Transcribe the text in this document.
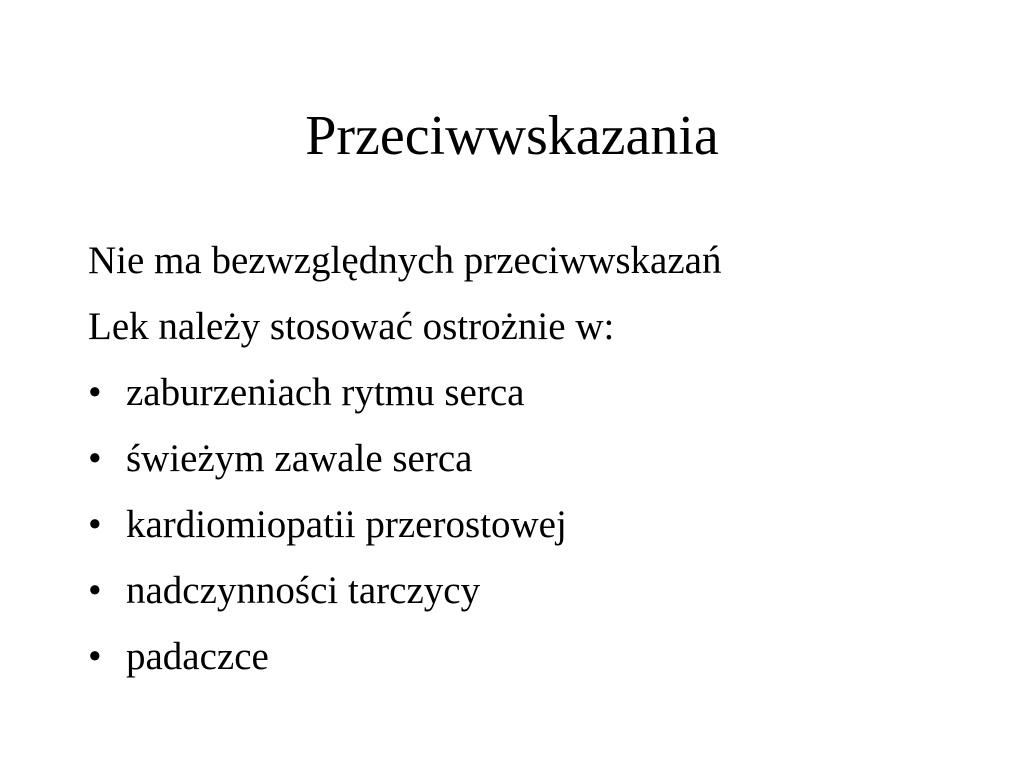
Przeciwwskazania
Nie ma bezwzględnych przeciwwskazań
Lek należy stosować ostrożnie w:
• zaburzeniach rytmu serca
• świeżym zawale serca
• kardiomiopatii przerostowej
• nadczynności tarczycy
• padaczce
